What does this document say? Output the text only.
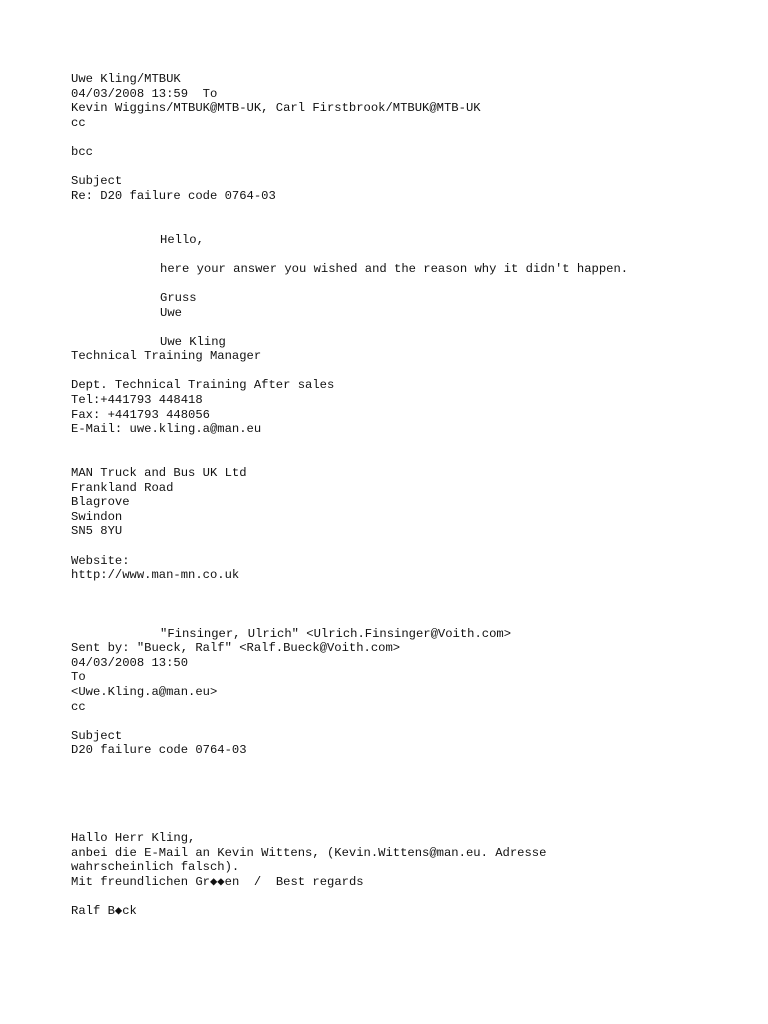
Uwe Kling/MTBUK
04/03/2008 13:59  To
Kevin Wiggins/MTBUK@MTB-UK, Carl Firstbrook/MTBUK@MTB-UK
cc
bcc
Subject
Re: D20 failure code 0764-03
Hello,
here your answer you wished and the reason why it didn't happen.
Gruss
Uwe
Uwe Kling
Technical Training Manager
Dept. Technical Training After sales
Tel:+441793 448418
Fax: +441793 448056
E-Mail: uwe.kling.a@man.eu
MAN Truck and Bus UK Ltd
Frankland Road
Blagrove
Swindon
SN5 8YU
Website:
http://www.man-mn.co.uk
"Finsinger, Ulrich" <Ulrich.Finsinger@Voith.com>
Sent by: "Bueck, Ralf" <Ralf.Bueck@Voith.com>
04/03/2008 13:50
To
<Uwe.Kling.a@man.eu>
cc
Subject
D20 failure code 0764-03
Hallo Herr Kling,
anbei die E-Mail an Kevin Wittens, (Kevin.Wittens@man.eu. Adresse
wahrscheinlich falsch).
Mit freundlichen Gr◆◆en  /  Best regards
Ralf B◆ck
